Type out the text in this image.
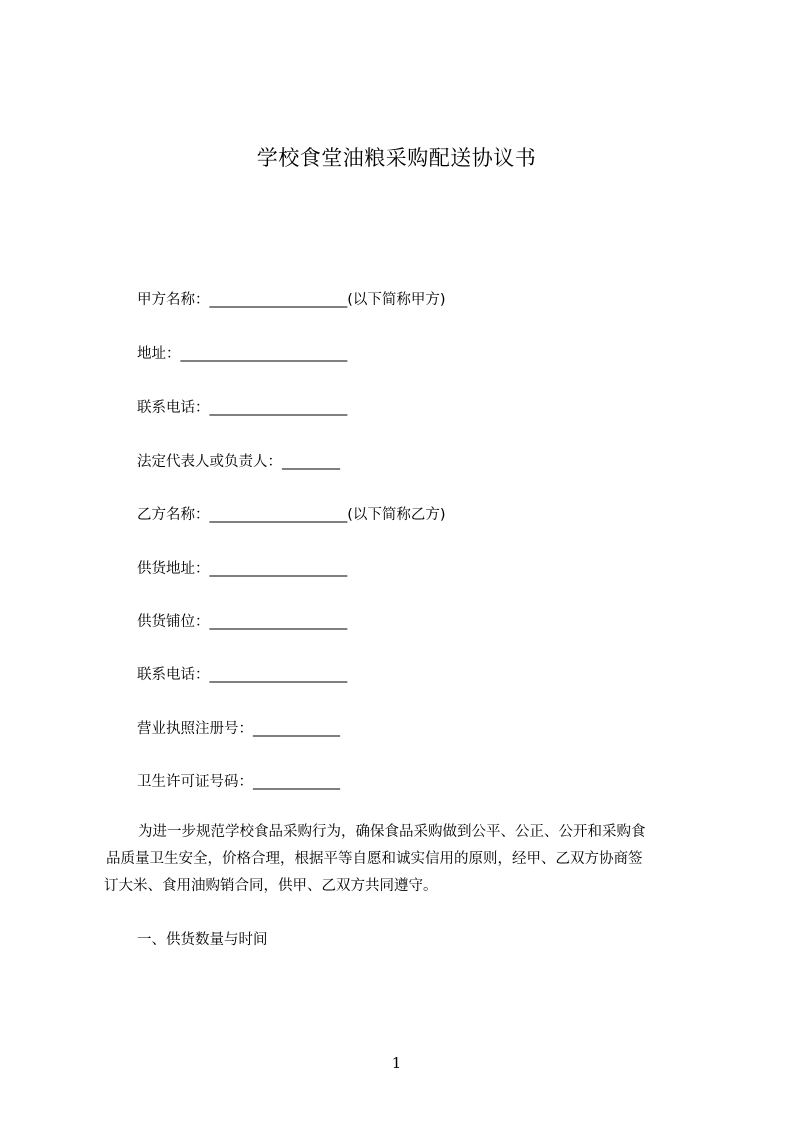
学校食堂油粮采购配送协议书
甲方名称：___________________(以下简称甲方)
地址：_______________________
联系电话：___________________
法定代表人或负责人：________
乙方名称：___________________(以下简称乙方)
供货地址：___________________
供货铺位：___________________
联系电话：___________________
营业执照注册号：____________
卫生许可证号码：____________
为进一步规范学校食品采购行为，确保食品采购做到公平、公正、公开和采购食
品质量卫生安全，价格合理，根据平等自愿和诚实信用的原则，经甲、乙双方协商签
订大米、食用油购销合同，供甲、乙双方共同遵守。
一、供货数量与时间
1
